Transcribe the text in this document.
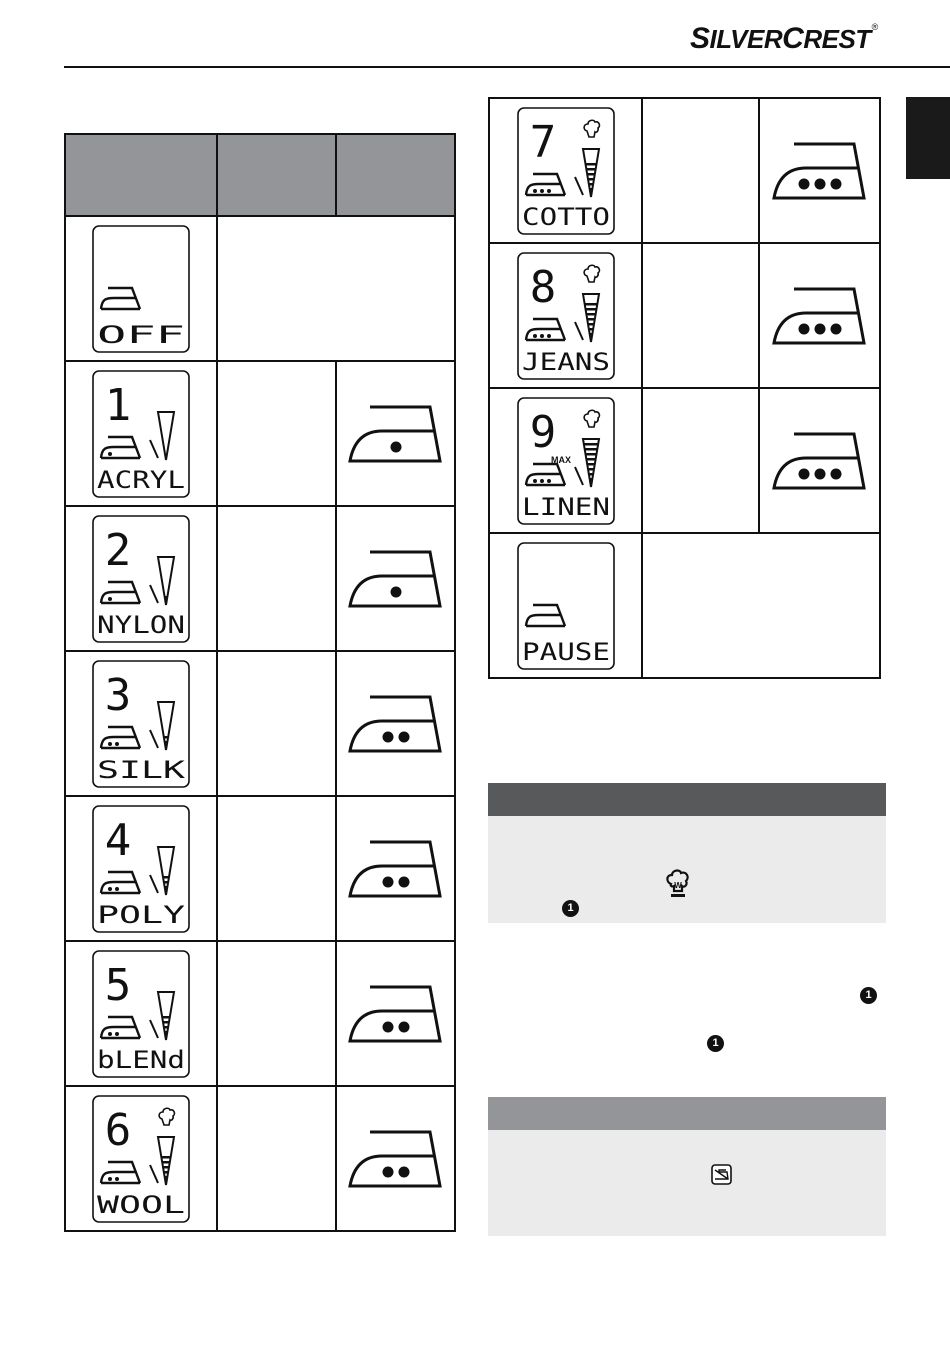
SILVERCREST®

OFF		

1
ACRYL

2
NYLON

3
SILK

4
POLY

5
bLENd

6
WOOL

7
COTTO

8
JEANS

9
MAX
LINEN

PAUSE		

W
1
1
1
